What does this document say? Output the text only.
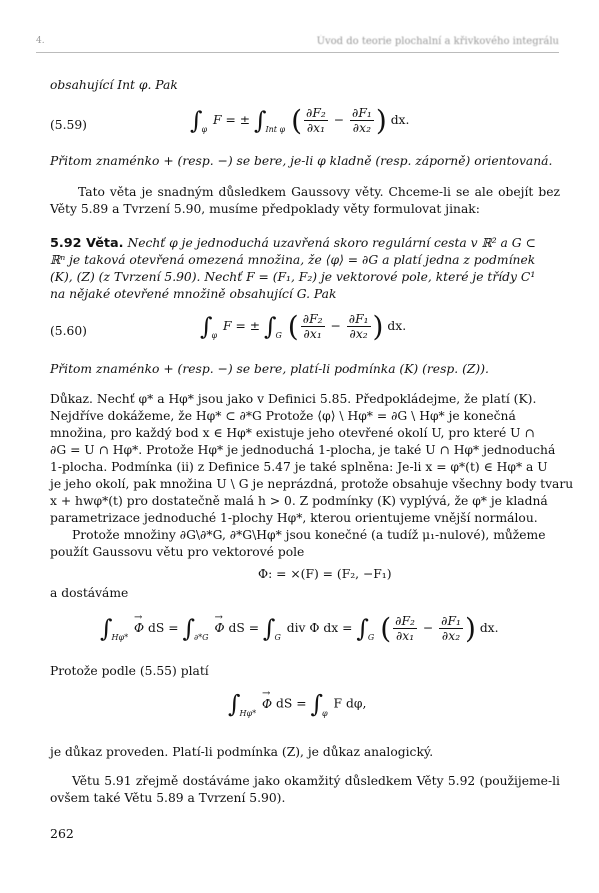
4.	Úvod do teorie plochalní a křivkového integrálu
obsahující Int φ. Pak
(5.59)	$\int_\varphi$ F = ± $\int_{Int \varphi}$ ( $\frac{\text{∂F₂}}{\text{∂x₁}} - \frac{\text{∂F₁}}{\text{∂x₂}}$ ) dx.
Přitom znaménko + (resp. −) se bere, je-li φ kladně (resp. záporně) orientovaná.
Tato věta je snadným důsledkem Gaussovy věty. Chceme-li se ale obejít bez Věty 5.89 a Tvrzení 5.90, musíme předpoklady věty formulovat jinak:
5.92 Věta. Nechť φ je jednoduchá uzavřená skoro regulární cesta v ℝ² a G ⊂
ℝⁿ je taková otevřená omezená množina, že ⟨φ⟩ = ∂G a platí jedna z podmínek
(K), (Z) (z Tvrzení 5.90). Nechť F = (F₁, F₂) je vektorové pole, které je třídy C¹
na nějaké otevřené množině obsahující G. Pak
(5.60)	$\int_\varphi$ F = ± $\int_G$ ( $\frac{\text{∂F₂}}{\text{∂x₁}} - \frac{\text{∂F₁}}{\text{∂x₂}}$ ) dx.
Přitom znaménko + (resp. −) se bere, platí-li podmínka (K) (resp. (Z)).
Důkaz. Nechť φ* a Hφ* jsou jako v Definici 5.85. Předpokládejme, že platí (K).
Nejdříve dokážeme, že Hφ* ⊂ ∂*G Protože ⟨φ⟩ \ Hφ* = ∂G \ Hφ* je konečná
množina, pro každý bod x ∈ Hφ* existuje jeho otevřené okolí U, pro které U ∩
∂G = U ∩ Hφ*. Protože Hφ* je jednoduchá 1-plocha, je také U ∩ Hφ* jednoduchá
1-plocha. Podmínka (ii) z Definice 5.47 je také splněna: Je-li x = φ*(t) ∈ Hφ* a U
je jeho okolí, pak množina U \ G je neprázdná, protože obsahuje všechny body tvaru
x + hwφ*(t) pro dostatečně malá h > 0. Z podmínky (K) vyplývá, že φ* je kladná
parametrizace jednoduché 1-plochy Hφ*, kterou orientujeme vnější normálou.
Protože množiny ∂G\∂*G, ∂*G\Hφ* jsou konečné (a tudíž μ₁-nulové), můžeme
použít Gaussovu větu pro vektorové pole
Φ: = ×(F) = (F₂, −F₁)
a dostáváme
$\int_{H\varphi*} \to \Phi$ dS = $\int_{\partial*G} \to \Phi$ dS = $\int_G$ div Φ dx = $\int_G$ ( $\frac{\text{∂F₂}}{\text{∂x₁}} - \frac{\text{∂F₁}}{\text{∂x₂}}$ ) dx.
Protože podle (5.55) platí
$\int_{H\varphi*} \to \Phi$ dS = $\int_\varphi$ F dφ,
je důkaz proveden. Platí-li podmínka (Z), je důkaz analogický.
Větu 5.91 zřejmě dostáváme jako okamžitý důsledkem Věty 5.92 (použijeme-li ovšem také Větu 5.89 a Tvrzení 5.90).
262
